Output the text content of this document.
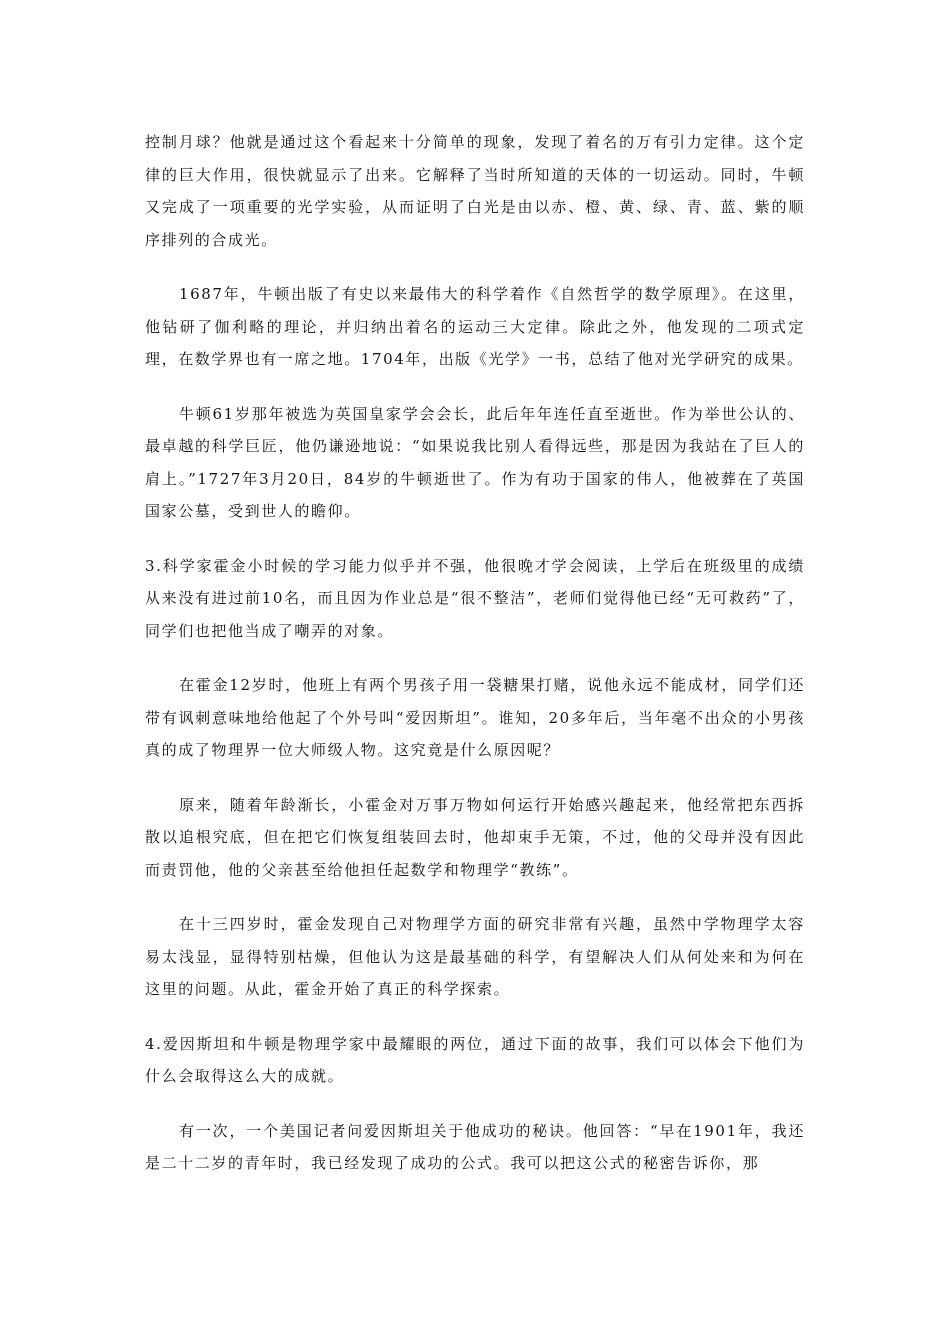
控制月球？他就是通过这个看起来十分简单的现象，发现了着名的万有引力定律。这个定律的巨大作用，很快就显示了出来。它解释了当时所知道的天体的一切运动。同时，牛顿又完成了一项重要的光学实验，从而证明了白光是由以赤、橙、黄、绿、青、蓝、紫的顺序排列的合成光。

1687年，牛顿出版了有史以来最伟大的科学着作《自然哲学的数学原理》。在这里，他钻研了伽利略的理论，并归纳出着名的运动三大定律。除此之外，他发现的二项式定理，在数学界也有一席之地。1704年，出版《光学》一书，总结了他对光学研究的成果。

牛顿61岁那年被选为英国皇家学会会长，此后年年连任直至逝世。作为举世公认的、最卓越的科学巨匠，他仍谦逊地说：“如果说我比别人看得远些，那是因为我站在了巨人的肩上。”1727年3月20日，84岁的牛顿逝世了。作为有功于国家的伟人，他被葬在了英国国家公墓，受到世人的瞻仰。

3.科学家霍金小时候的学习能力似乎并不强，他很晚才学会阅读，上学后在班级里的成绩从来没有进过前10名，而且因为作业总是“很不整洁”，老师们觉得他已经“无可救药”了，同学们也把他当成了嘲弄的对象。

在霍金12岁时，他班上有两个男孩子用一袋糖果打赌，说他永远不能成材，同学们还带有讽刺意味地给他起了个外号叫“爱因斯坦”。谁知，20多年后，当年毫不出众的小男孩真的成了物理界一位大师级人物。这究竟是什么原因呢？

原来，随着年龄渐长，小霍金对万事万物如何运行开始感兴趣起来，他经常把东西拆散以追根究底，但在把它们恢复组装回去时，他却束手无策，不过，他的父母并没有因此而责罚他，他的父亲甚至给他担任起数学和物理学“教练”。

在十三四岁时，霍金发现自己对物理学方面的研究非常有兴趣，虽然中学物理学太容易太浅显，显得特别枯燥，但他认为这是最基础的科学，有望解决人们从何处来和为何在这里的问题。从此，霍金开始了真正的科学探索。

4.爱因斯坦和牛顿是物理学家中最耀眼的两位，通过下面的故事，我们可以体会下他们为什么会取得这么大的成就。

有一次，一个美国记者问爱因斯坦关于他成功的秘诀。他回答：“早在1901年，我还是二十二岁的青年时，我已经发现了成功的公式。我可以把这公式的秘密告诉你，那
